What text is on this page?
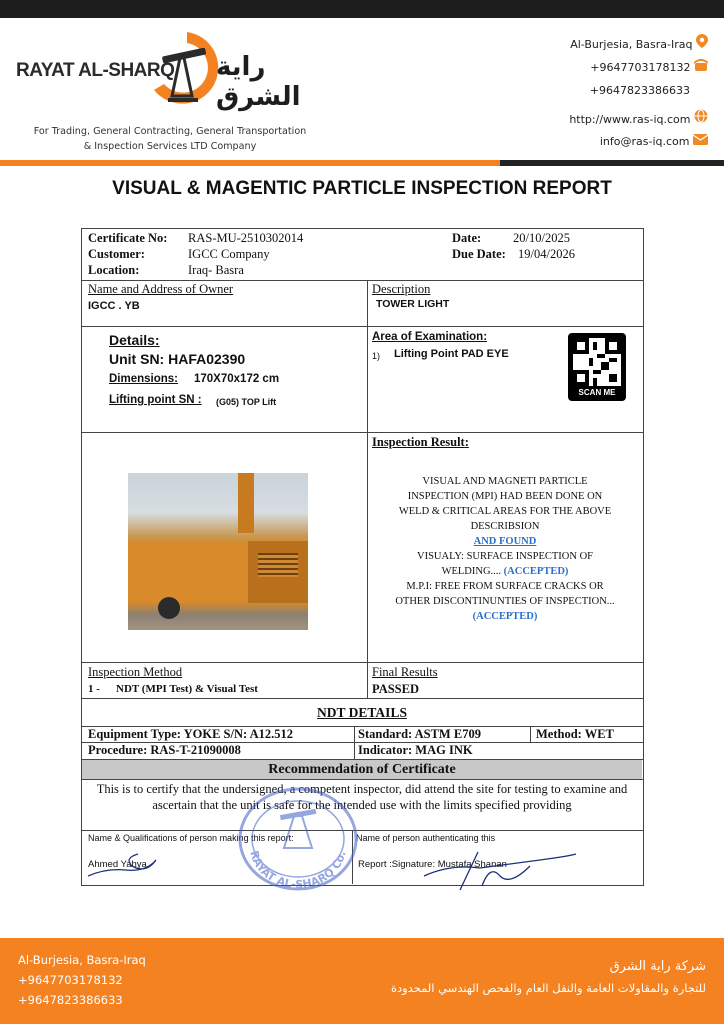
RAYAT AL-SHARQ راية الشرق
For Trading, General Contracting, General Transportation
& Inspection Services LTD Company
Al-Burjesia, Basra-Iraq
+9647703178132
+9647823386633
http://www.ras-iq.com
info@ras-iq.com
VISUAL & MAGENTIC PARTICLE INSPECTION REPORT
Certificate No: RAS-MU-2510302014
Customer:	IGCC Company
Location:	Iraq- Basra
Date:	20/10/2025
Due Date: 19/04/2026
Name and Address of Owner
IGCC . YB
Description
TOWER LIGHT
Details:
Unit SN: HAFA02390
Dimensions: 170X70x172 cm
Lifting point SN : (G05) TOP Lift
Area of Examination:
1) Lifting Point PAD EYE
SCAN ME
Inspection Result:
VISUAL AND MAGNETI PARTICLE
INSPECTION (MPI) HAD BEEN DONE ON
WELD & CRITICAL AREAS FOR THE ABOVE
DESCRIBSION
AND FOUND
VISUALY: SURFACE INSPECTION OF
WELDING.... (ACCEPTED)
M.P.I: FREE FROM SURFACE CRACKS OR
OTHER DISCONTINUNTIES OF INSPECTION...
(ACCEPTED)
Inspection Method
1 - NDT (MPI Test) & Visual Test
Final Results
PASSED
NDT DETAILS
Equipment Type: YOKE S/N: A12.512	Standard: ASTM E709	Method: WET
Procedure: RAS-T-21090008	Indicator: MAG INK
Recommendation of Certificate
This is to certify that the undersigned, a competent inspector, did attend the site for testing to examine and ascertain that the unit is safe for the intended use with the limits specified providing
Name & Qualifications of person making this report:
Ahmed Yahya
Name of person authenticating this
Report :Signature: Mustafa Shanan
RAYAT AL-SHARQ Co.
Al-Burjesia, Basra-Iraq
+9647703178132
+9647823386633
شركة راية الشرق
للتجارة والمقاولات العامة والنقل العام والفحص الهندسي المحدودة
